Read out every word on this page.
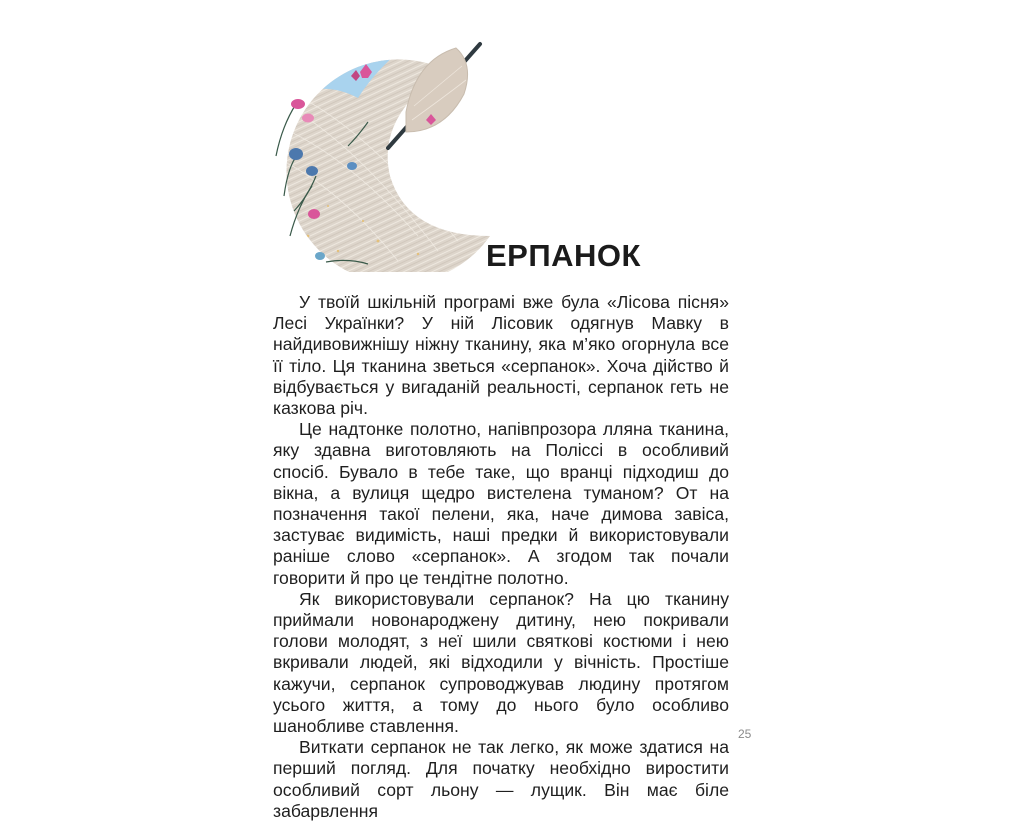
ЕРПАНОК

У твоїй шкільній програмі вже була «Лісова пісня» Лесі Українки? У ній Лісовик одягнув Мавку в найдивовижнішу ніжну тканину, яка м’яко огорнула все її тіло. Ця тканина зветься «серпанок». Хоча дійство й відбувається у вигаданій реальності, серпанок геть не казкова річ.

Це надтонке полотно, напівпрозора лляна тканина, яку здавна виготовляють на Поліссі в особливий спосіб. Бувало в тебе таке, що вранці підходиш до вікна, а вулиця щедро вистелена туманом? От на позначення такої пелени, яка, наче димова завіса, застуває видимість, наші предки й використовували раніше слово «серпанок». А згодом так почали говорити й про це тендітне полотно.

Як використовували серпанок? На цю тканину приймали новонароджену дитину, нею покривали голови молодят, з неї шили святкові костюми і нею вкривали людей, які відходили у вічність. Простіше кажучи, серпанок супроводжував людину протягом усього життя, а тому до нього було особливо шанобливе ставлення.

Виткати серпанок не так легко, як може здатися на перший погляд. Для початку необхідно виростити особливий сорт льону — лущик. Він має біле забарвлення

25
